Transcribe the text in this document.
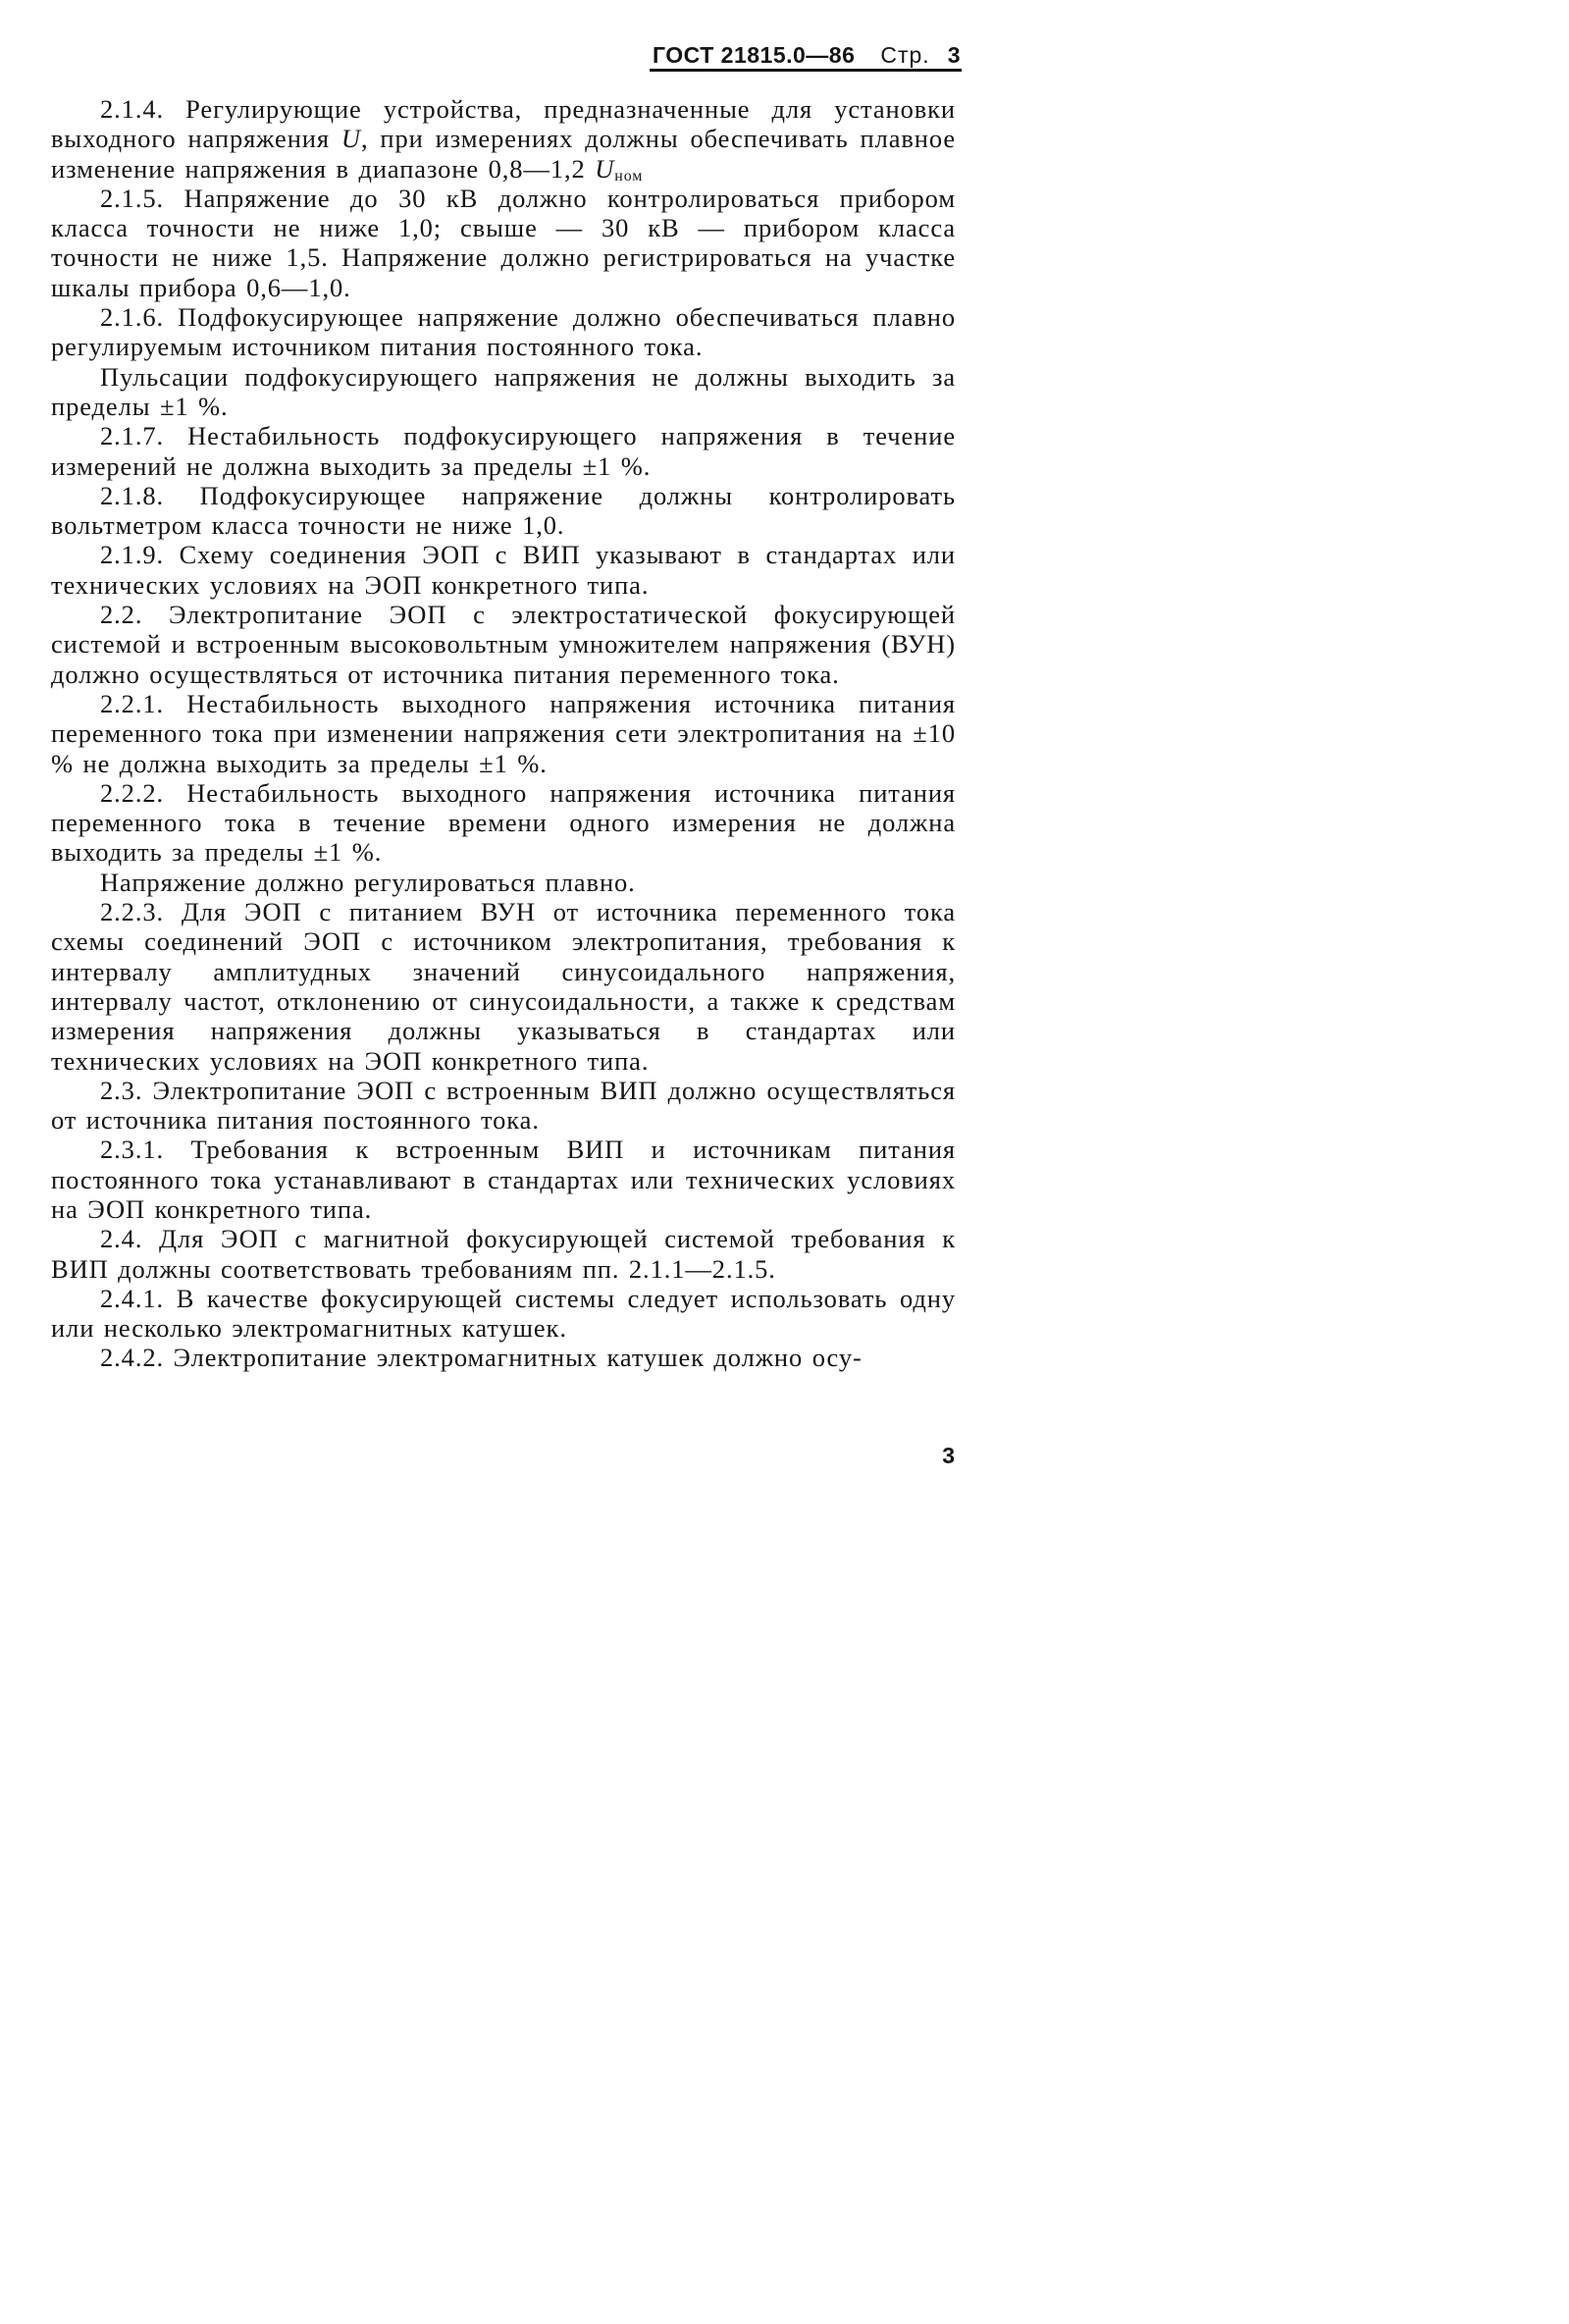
ГОСТ 21815.0—86 Стр. 3

2.1.4. Регулирующие устройства, предназначенные для установки выходного напряжения U, при измерениях должны обеспечивать плавное изменение напряжения в диапазоне 0,8—1,2 $U_{ном}$

2.1.5. Напряжение до 30 кВ должно контролироваться прибором класса точности не ниже 1,0; свыше — 30 кВ — прибором класса точности не ниже 1,5. Напряжение должно регистрироваться на участке шкалы прибора 0,6—1,0.

2.1.6. Подфокусирующее напряжение должно обеспечиваться плавно регулируемым источником питания постоянного тока.

Пульсации подфокусирующего напряжения не должны выходить за пределы ±1 %.

2.1.7. Нестабильность подфокусирующего напряжения в течение измерений не должна выходить за пределы ±1 %.

2.1.8. Подфокусирующее напряжение должны контролировать вольтметром класса точности не ниже 1,0.

2.1.9. Схему соединения ЭОП с ВИП указывают в стандартах или технических условиях на ЭОП конкретного типа.

2.2. Электропитание ЭОП с электростатической фокусирующей системой и встроенным высоковольтным умножителем напряжения (ВУН) должно осуществляться от источника питания переменного тока.

2.2.1. Нестабильность выходного напряжения источника питания переменного тока при изменении напряжения сети электропитания на ±10 % не должна выходить за пределы ±1 %.

2.2.2. Нестабильность выходного напряжения источника питания переменного тока в течение времени одного измерения не должна выходить за пределы ±1 %.

Напряжение должно регулироваться плавно.

2.2.3. Для ЭОП с питанием ВУН от источника переменного тока схемы соединений ЭОП с источником электропитания, требования к интервалу амплитудных значений синусоидального напряжения, интервалу частот, отклонению от синусоидальности, а также к средствам измерения напряжения должны указываться в стандартах или технических условиях на ЭОП конкретного типа.

2.3. Электропитание ЭОП с встроенным ВИП должно осуществляться от источника питания постоянного тока.

2.3.1. Требования к встроенным ВИП и источникам питания постоянного тока устанавливают в стандартах или технических условиях на ЭОП конкретного типа.

2.4. Для ЭОП с магнитной фокусирующей системой требования к ВИП должны соответствовать требованиям пп. 2.1.1—2.1.5.

2.4.1. В качестве фокусирующей системы следует использовать одну или несколько электромагнитных катушек.

2.4.2. Электропитание электромагнитных катушек должно осу-

3
